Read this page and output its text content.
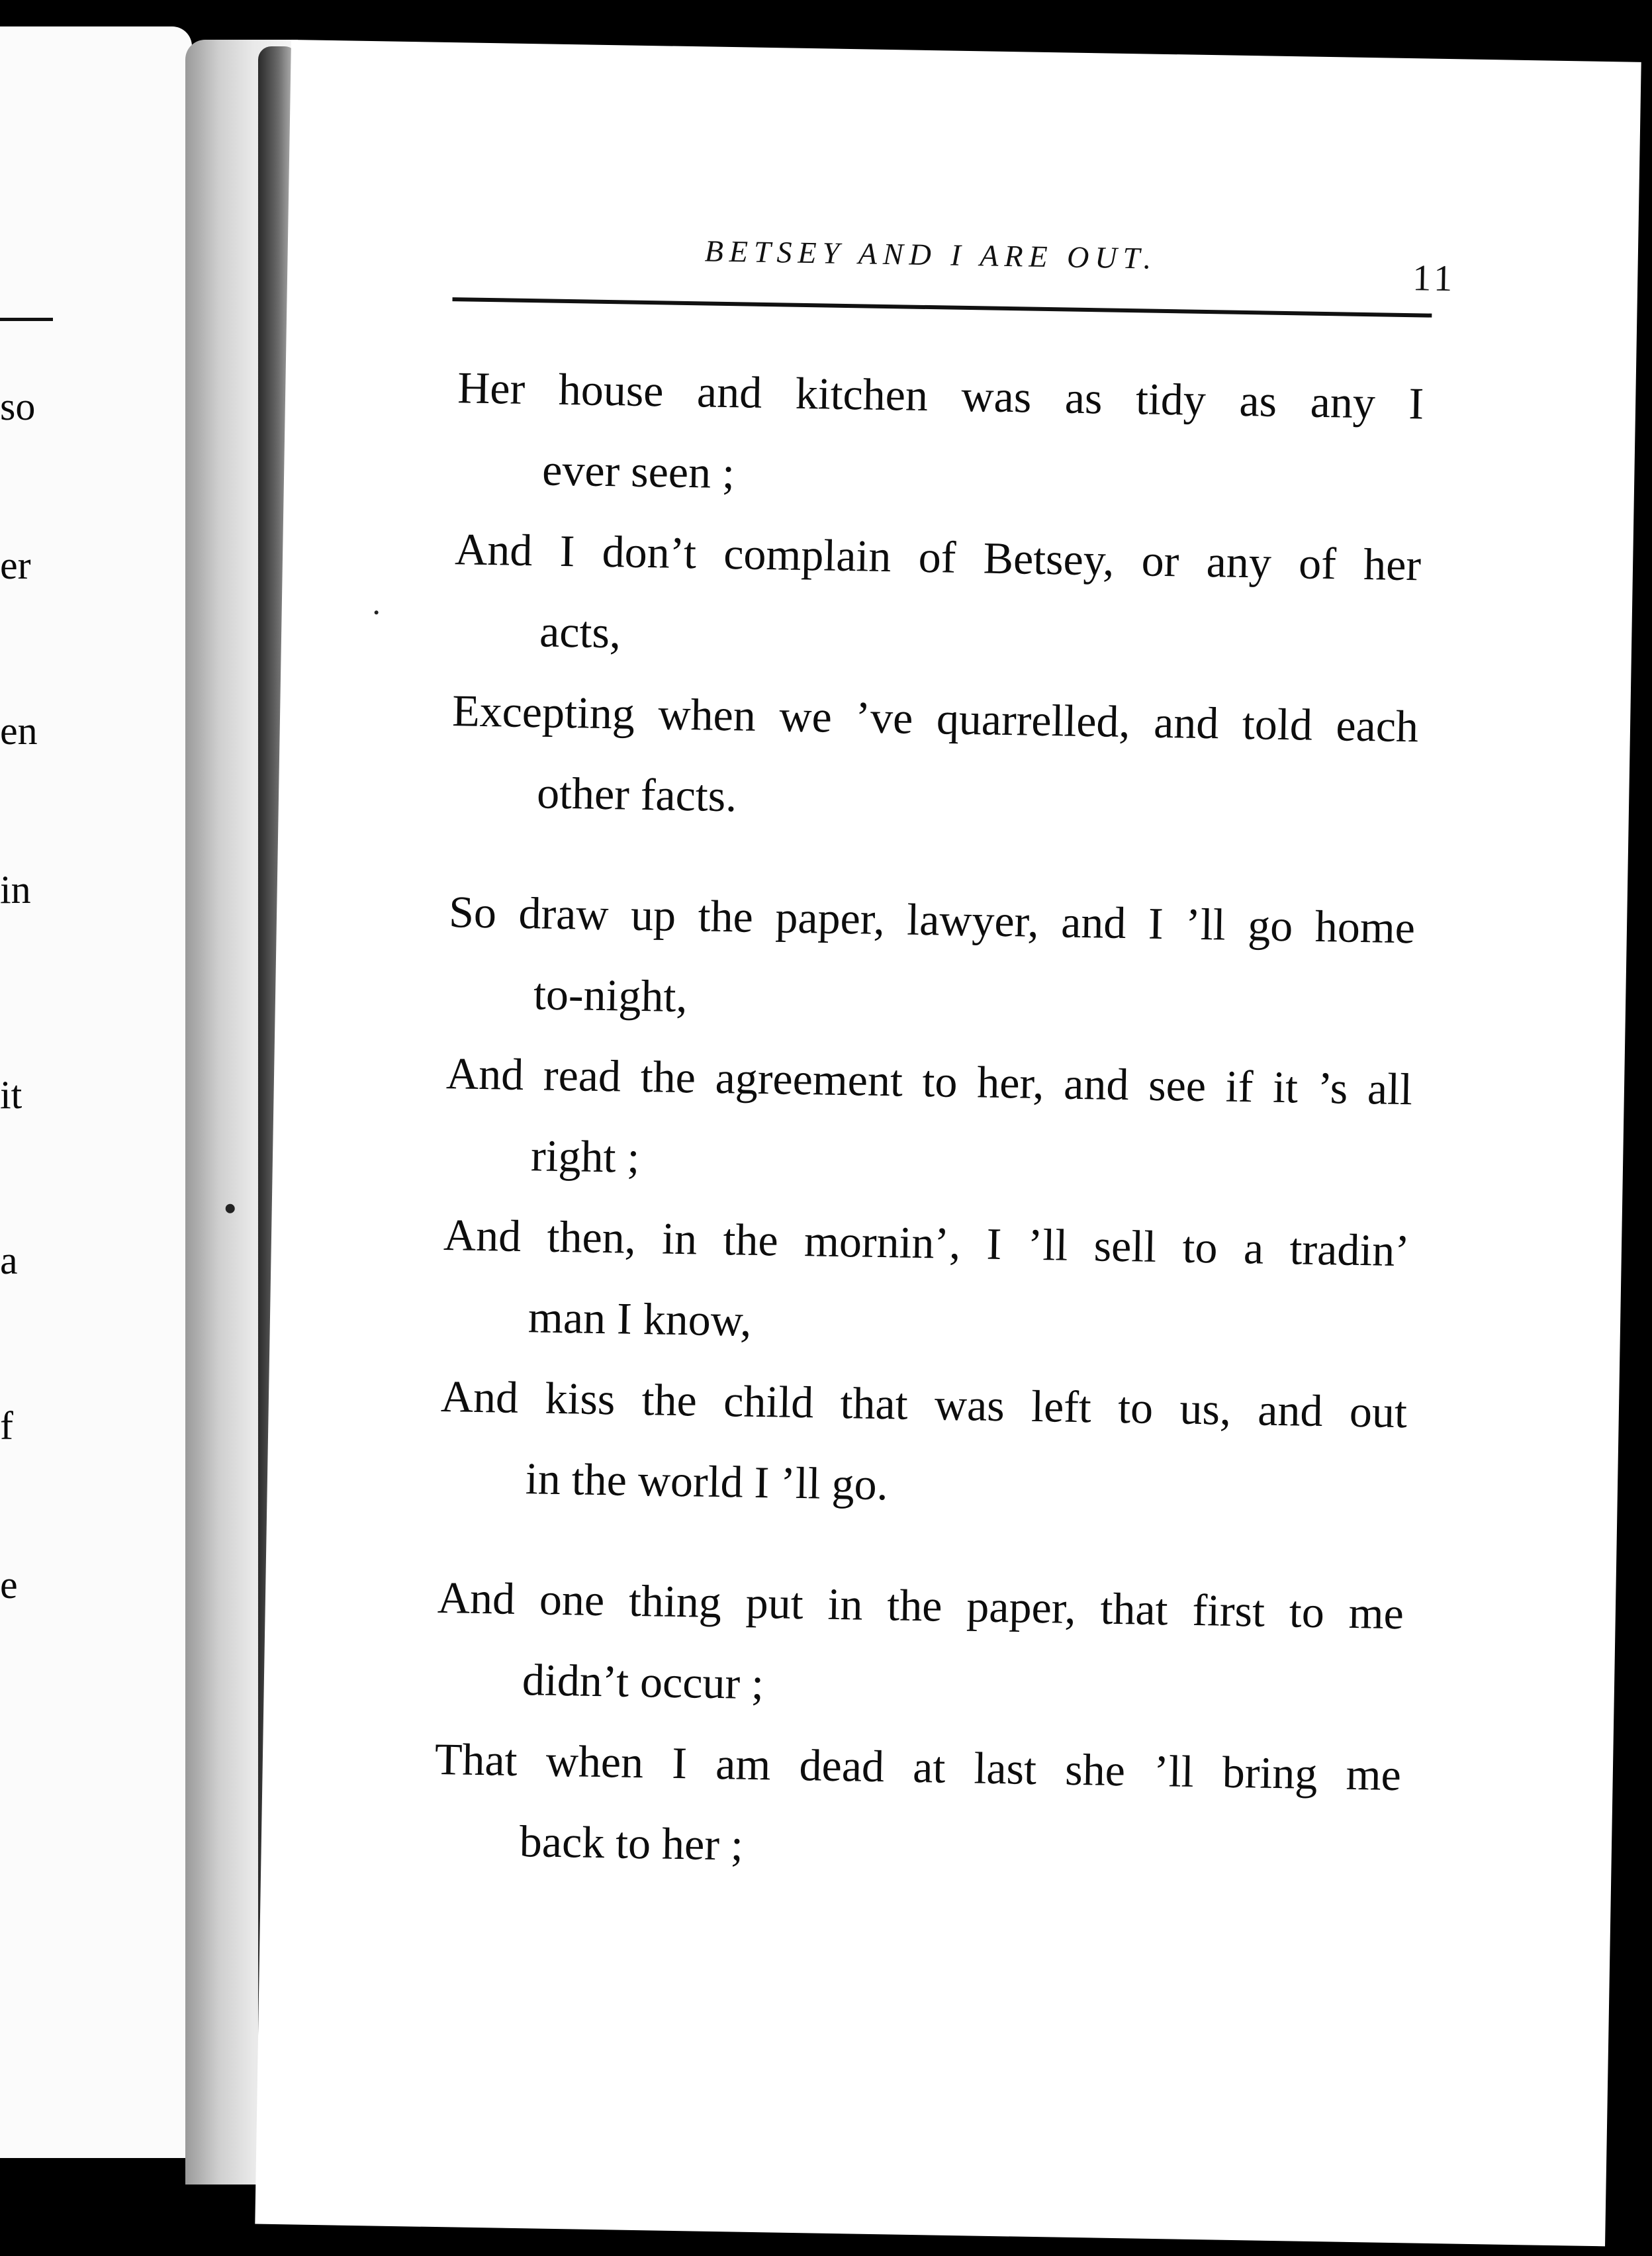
so
er
en
in
it
a
f
e
BETSEY AND I ARE OUT.
11

Her house and kitchen was as tidy as any I
ever seen ;

And I don’t complain of Betsey, or any of her
acts,

Excepting when we ’ve quarrelled, and told each
other facts.

So draw up the paper, lawyer, and I ’ll go home
to-night,

And read the agreement to her, and see if it ’s all
right ;

And then, in the mornin’, I ’ll sell to a tradin’
man I know,

And kiss the child that was left to us, and out
in the world I ’ll go.

And one thing put in the paper, that first to me
didn’t occur ;

That when I am dead at last she ’ll bring me
back to her ;
